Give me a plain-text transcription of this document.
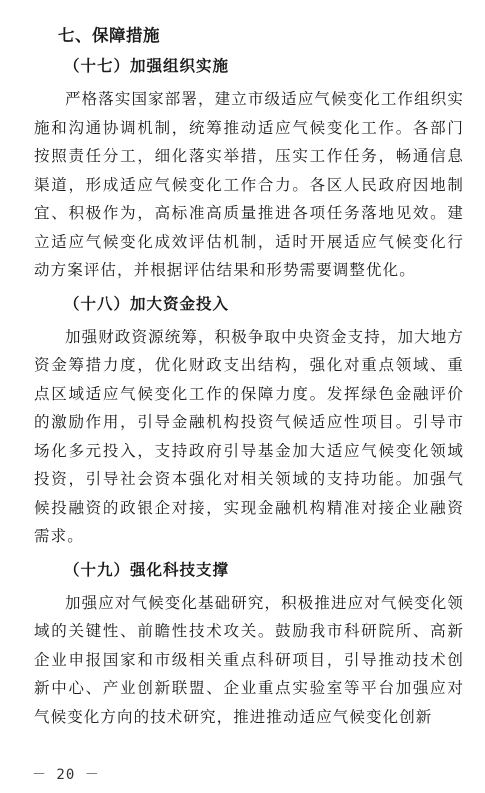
七、保障措施
（十七）加强组织实施

严格落实国家部署，建立市级适应气候变化工作组织实施和沟通协调机制，统筹推动适应气候变化工作。各部门按照责任分工，细化落实举措，压实工作任务，畅通信息渠道，形成适应气候变化工作合力。各区人民政府因地制宜、积极作为，高标准高质量推进各项任务落地见效。建立适应气候变化成效评估机制，适时开展适应气候变化行动方案评估，并根据评估结果和形势需要调整优化。

（十八）加大资金投入

加强财政资源统筹，积极争取中央资金支持，加大地方资金筹措力度，优化财政支出结构，强化对重点领域、重点区域适应气候变化工作的保障力度。发挥绿色金融评价的激励作用，引导金融机构投资气候适应性项目。引导市场化多元投入，支持政府引导基金加大适应气候变化领域投资，引导社会资本强化对相关领域的支持功能。加强气候投融资的政银企对接，实现金融机构精准对接企业融资需求。

（十九）强化科技支撑

加强应对气候变化基础研究，积极推进应对气候变化领域的关键性、前瞻性技术攻关。鼓励我市科研院所、高新企业申报国家和市级相关重点科研项目，引导推动技术创新中心、产业创新联盟、企业重点实验室等平台加强应对气候变化方向的技术研究，推进推动适应气候变化创新

－ 20 －
